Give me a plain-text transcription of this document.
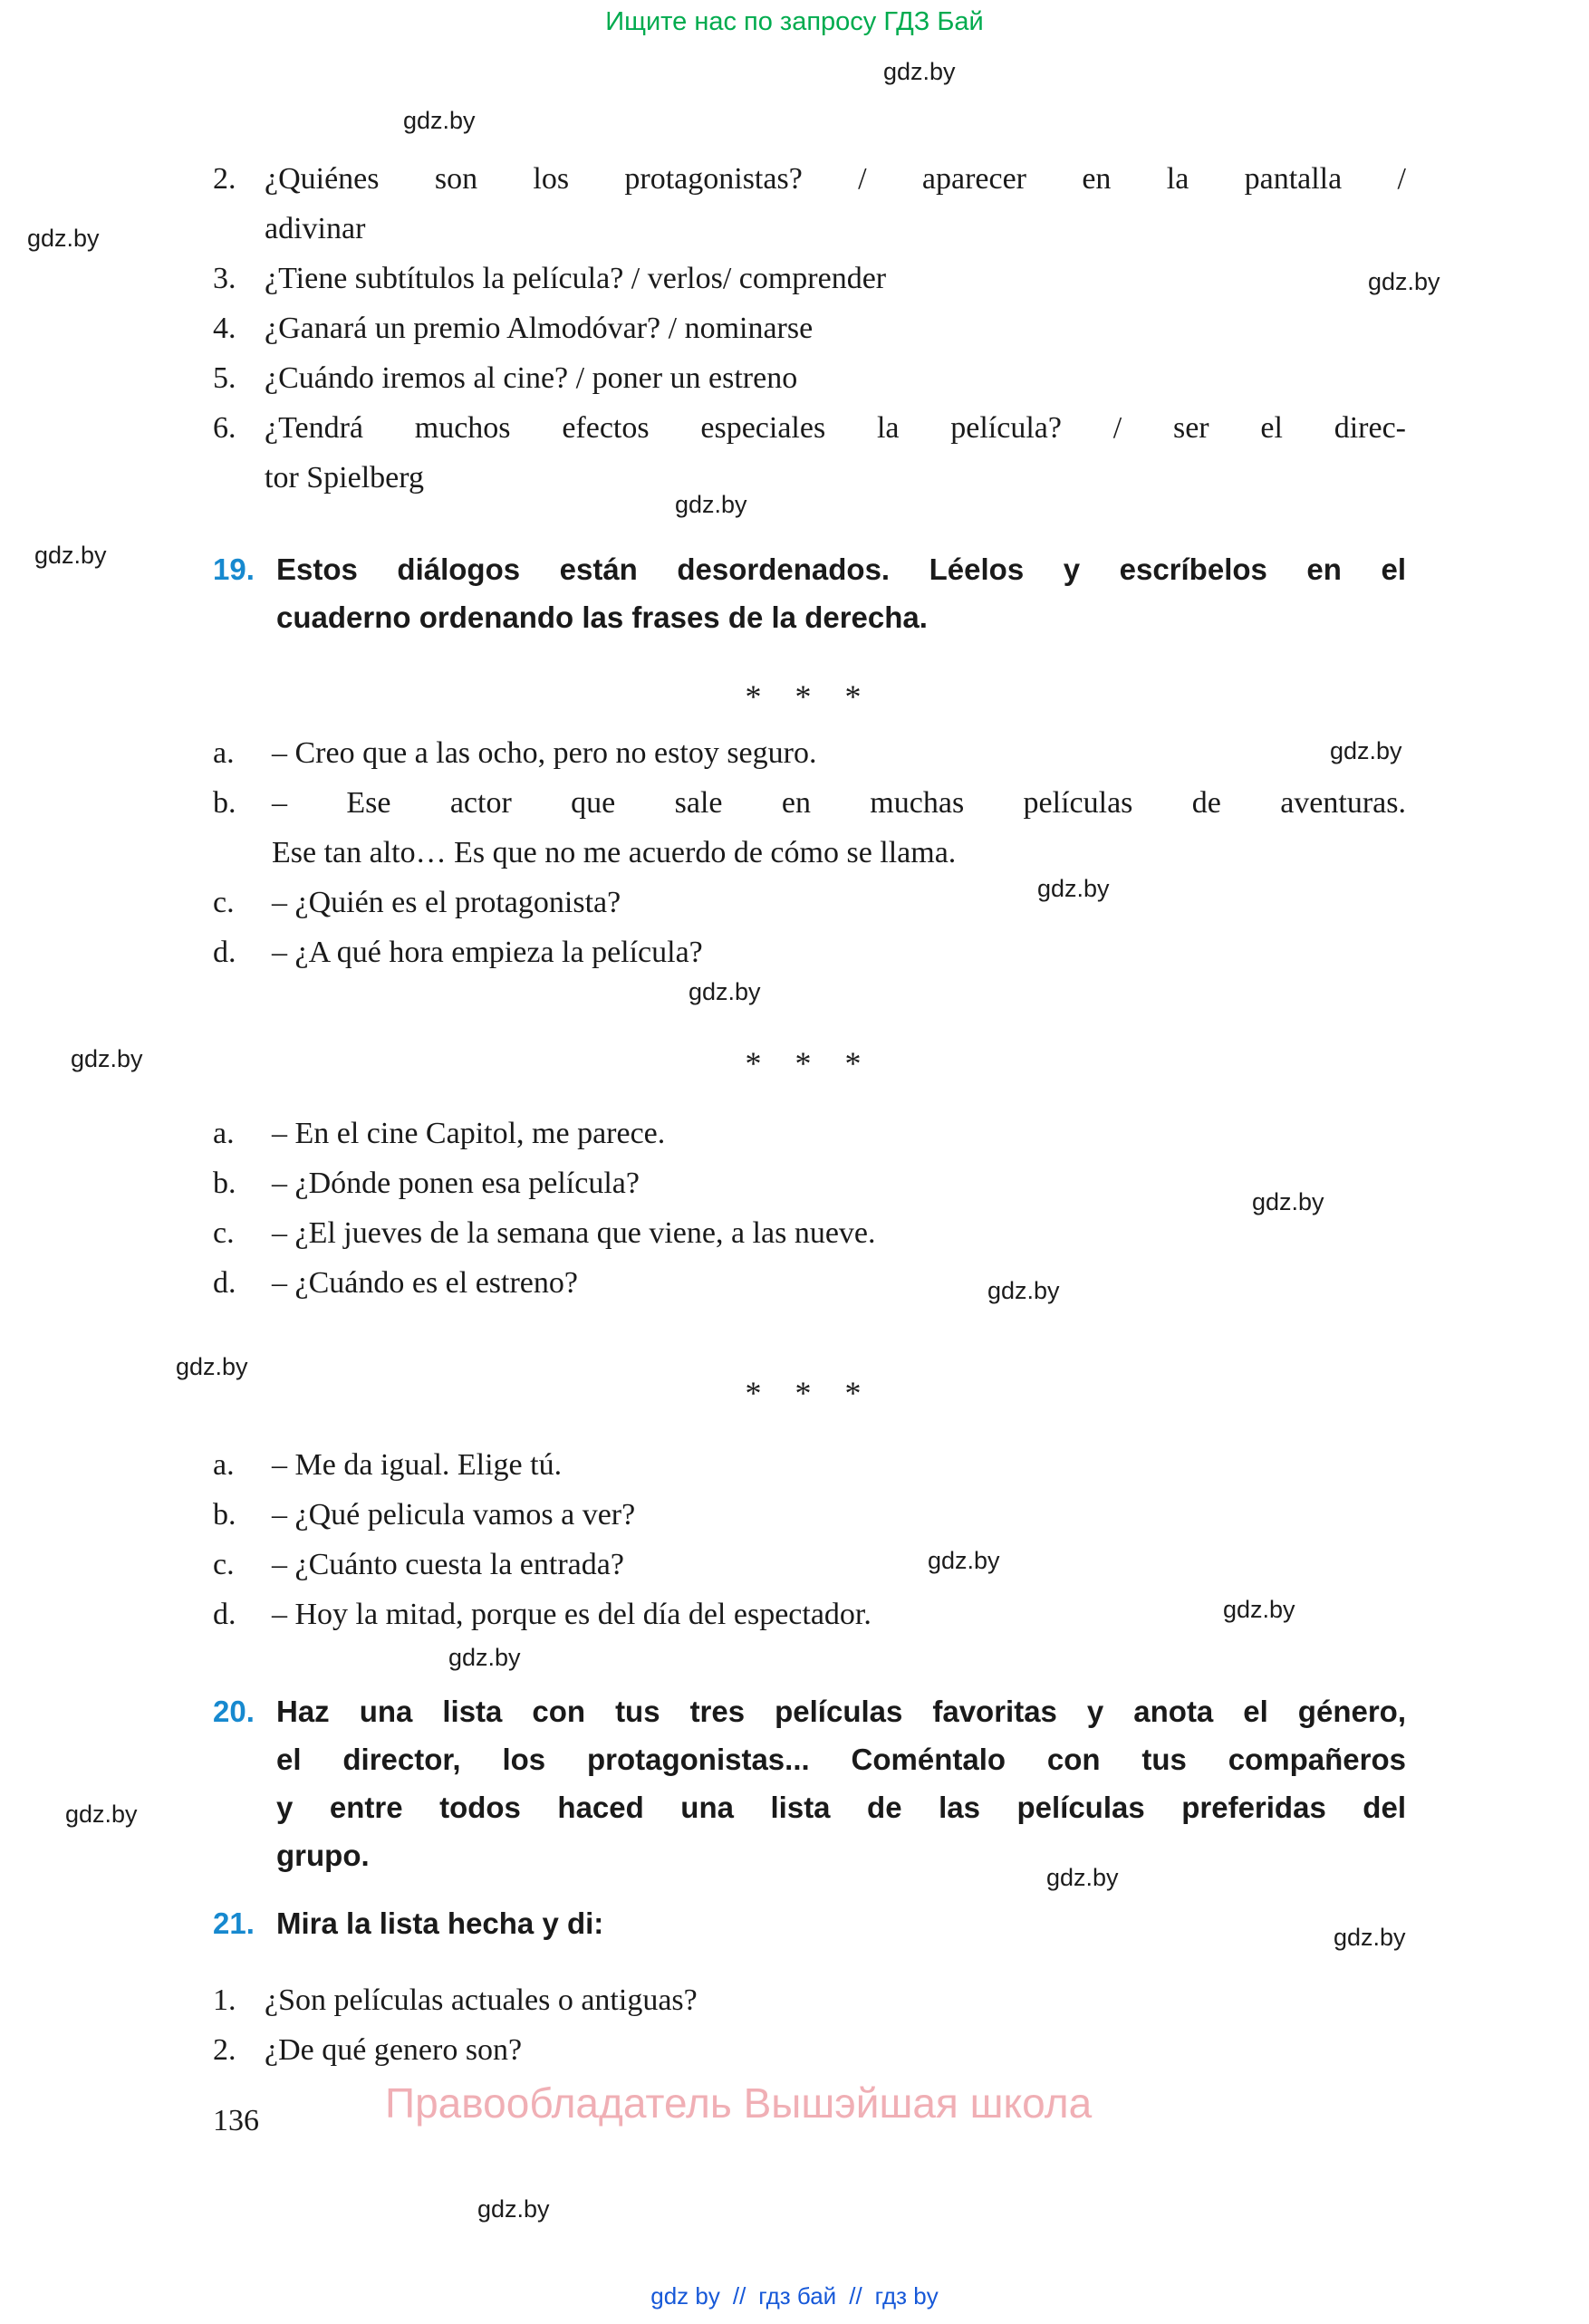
Ищите нас по запросу ГДЗ Бай
gdz.by
gdz.by
gdz.by
gdz.by
gdz.by
gdz.by
gdz.by
gdz.by
gdz.by
gdz.by
gdz.by
gdz.by
gdz.by
gdz.by
gdz.by
gdz.by
gdz.by
gdz.by
gdz.by
gdz.by
2. ¿Quiénes son los protagonistas? / aparecer en la pantalla /
adivinar
3. ¿Tiene subtítulos la película? / verlos/ comprender
4. ¿Ganará un premio Almodóvar? / nominarse
5. ¿Cuándo iremos al cine? / poner un estreno
6. ¿Tendrá muchos efectos especiales la película? / ser el direc-
tor Spielberg
19. Estos diálogos están desordenados. Léelos y escríbelos en el
cuaderno ordenando las frases de la derecha.
* * *
a.	– Creo que a las ocho, pero no estoy seguro.
b.	– Ese actor que sale en muchas películas de aventuras.
Ese tan alto… Es que no me acuerdo de cómo se llama.
c.	– ¿Quién es el protagonista?
d.	– ¿A qué hora empieza la película?
* * *
a.	– En el cine Capitol, me parece.
b.	– ¿Dónde ponen esa película?
c.	– ¿El jueves de la semana que viene, a las nueve.
d.	– ¿Cuándo es el estreno?
* * *
a.	– Me da igual. Elige tú.
b.	– ¿Qué pelicula vamos a ver?
c.	– ¿Cuánto cuesta la entrada?
d.	– Hoy la mitad, porque es del día del espectador.
20. Haz una lista con tus tres películas favoritas y anota el género,
el director, los protagonistas... Coméntalo con tus compañeros
y entre todos haced una lista de las películas preferidas del
grupo.
21. Mira la lista hecha y di:
1. ¿Son películas actuales o antiguas?
2. ¿De qué genero son?
136	Правообладатель Вышэйшая школа
gdz by // гдз бай // гдз by
